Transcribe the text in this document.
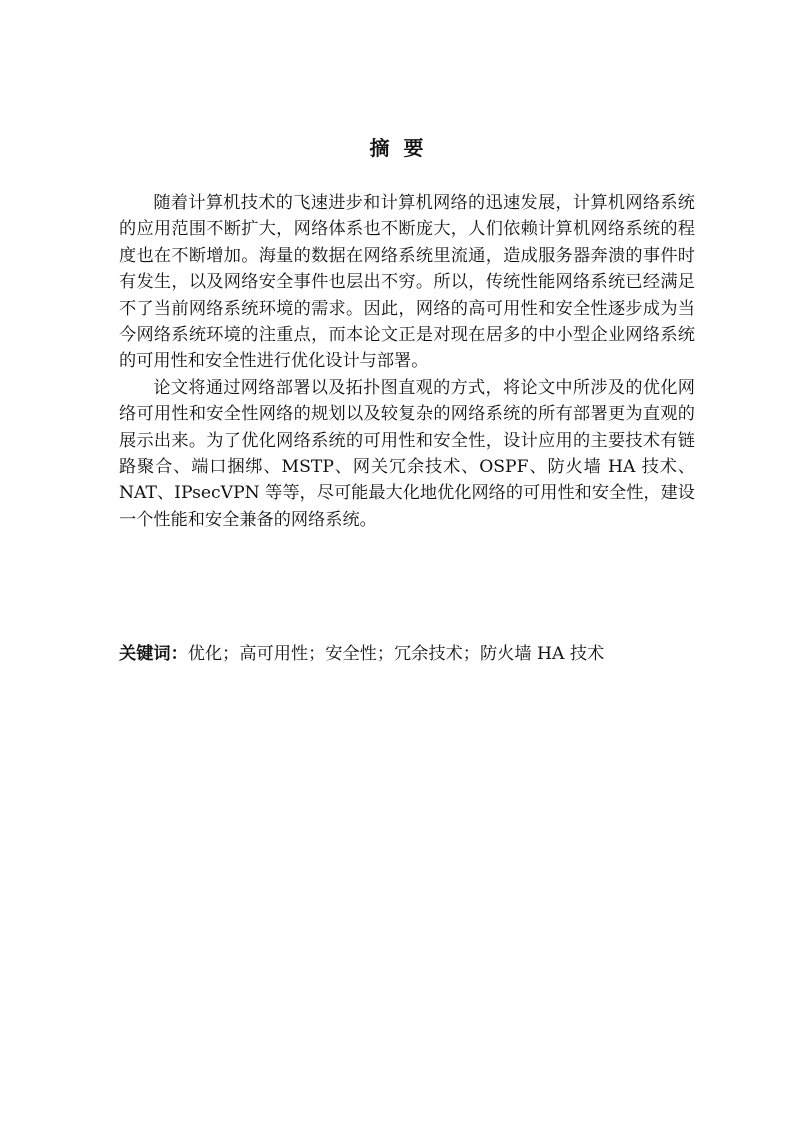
摘要

随着计算机技术的飞速进步和计算机网络的迅速发展，计算机网络系统的应用范围不断扩大，网络体系也不断庞大，人们依赖计算机网络系统的程度也在不断增加。海量的数据在网络系统里流通，造成服务器奔溃的事件时有发生，以及网络安全事件也层出不穷。所以，传统性能网络系统已经满足不了当前网络系统环境的需求。因此，网络的高可用性和安全性逐步成为当今网络系统环境的注重点，而本论文正是对现在居多的中小型企业网络系统的可用性和安全性进行优化设计与部署。

论文将通过网络部署以及拓扑图直观的方式，将论文中所涉及的优化网络可用性和安全性网络的规划以及较复杂的网络系统的所有部署更为直观的展示出来。为了优化网络系统的可用性和安全性，设计应用的主要技术有链路聚合、端口捆绑、MSTP、网关冗余技术、OSPF、防火墙 HA 技术、NAT、IPsecVPN 等等，尽可能最大化地优化网络的可用性和安全性，建设一个性能和安全兼备的网络系统。

关键词：优化；高可用性；安全性；冗余技术；防火墙 HA 技术
